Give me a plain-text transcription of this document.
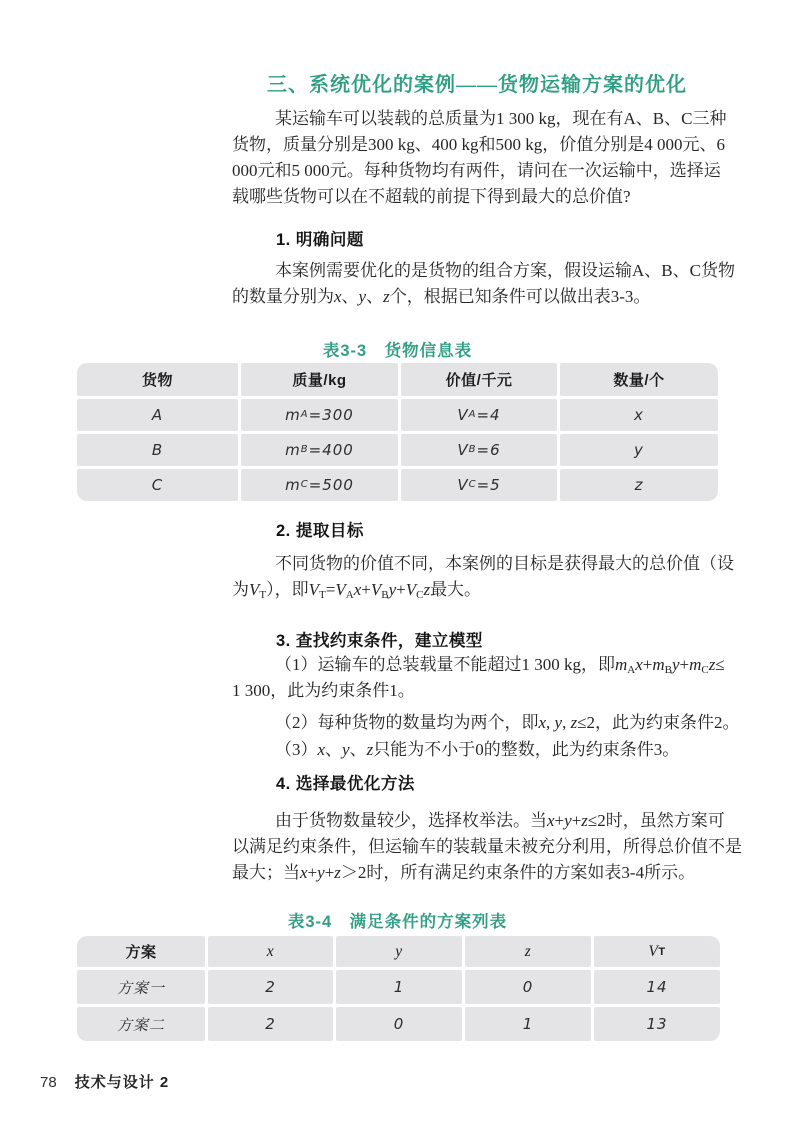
三、系统优化的案例——货物运输方案的优化
某运输车可以装载的总质量为1 300 kg，现在有A、B、C三种
货物，质量分别是300 kg、400 kg和500 kg，价值分别是4 000元、6
000元和5 000元。每种货物均有两件，请问在一次运输中，选择运
载哪些货物可以在不超载的前提下得到最大的总价值?
1. 明确问题
本案例需要优化的是货物的组合方案，假设运输A、B、C货物
的数量分别为x、y、z个，根据已知条件可以做出表3-3。
表3-3　货物信息表
货物	质量/kg	价值/千元	数量/个
A	m A =300	V A =4	x
B	m B =400	V B =6	y
C	m C =500	V C =5	z
2. 提取目标
不同货物的价值不同，本案例的目标是获得最大的总价值（设
为$V_T$），即$V_T=V_Ax+V_By+V_Cz$最大。
3. 查找约束条件，建立模型
（1）运输车的总装载量不能超过1 300 kg，即$m_Ax+m_By+m_Cz\le$
1 300，此为约束条件1。
（2）每种货物的数量均为两个，即x, y, z≤2，此为约束条件2。
（3）x、y、z只能为不小于0的整数，此为约束条件3。
4. 选择最优化方法
由于货物数量较少，选择枚举法。当x+y+z≤2时，虽然方案可
以满足约束条件，但运输车的装载量未被充分利用，所得总价值不是
最大；当x+y+z＞2时，所有满足约束条件的方案如表3-4所示。
表3-4　满足条件的方案列表
方案	x	y	z	V T
方案一	2	1	0	14
方案二	2	0	1	13
78 技术与设计 2
